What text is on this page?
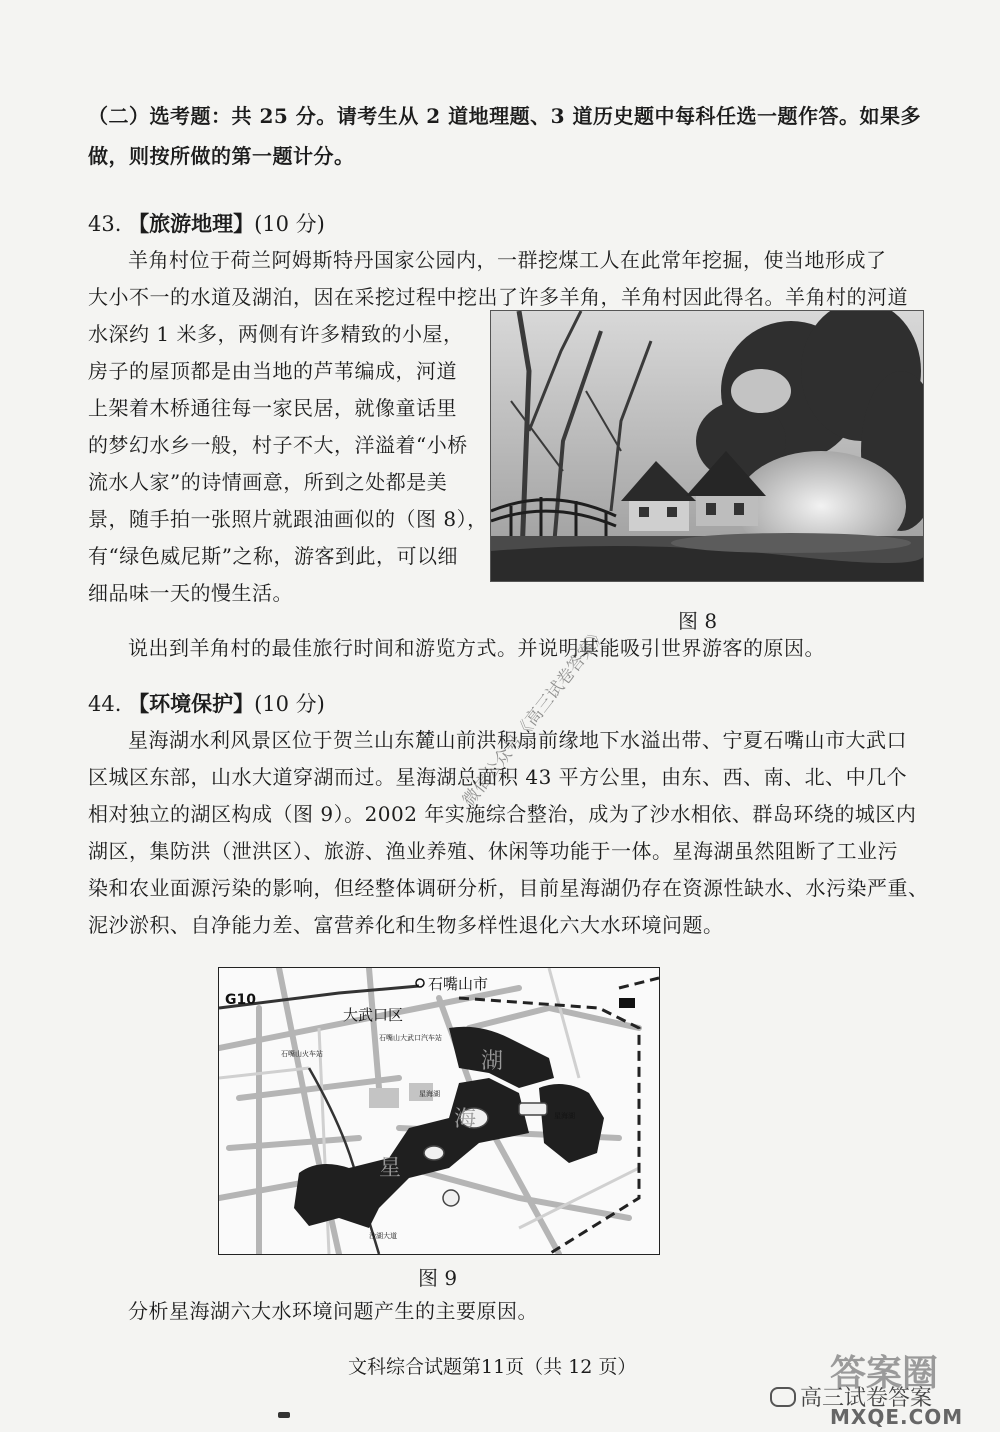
（二）选考题：共 25 分。请考生从 2 道地理题、3 道历史题中每科任选一题作答。如果多
做，则按所做的第一题计分。
43. 【旅游地理】(10 分)
羊角村位于荷兰阿姆斯特丹国家公园内，一群挖煤工人在此常年挖掘，使当地形成了
大小不一的水道及湖泊，因在采挖过程中挖出了许多羊角，羊角村因此得名。羊角村的河道
水深约 1 米多，两侧有许多精致的小屋，
房子的屋顶都是由当地的芦苇编成，河道
上架着木桥通往每一家民居，就像童话里
的梦幻水乡一般，村子不大，洋溢着“小桥
流水人家”的诗情画意，所到之处都是美
景，随手拍一张照片就跟油画似的（图 8），
有“绿色威尼斯”之称，游客到此，可以细
细品味一天的慢生活。
图 8
说出到羊角村的最佳旅行时间和游览方式。并说明其能吸引世界游客的原因。
44. 【环境保护】(10 分)
星海湖水利风景区位于贺兰山东麓山前洪积扇前缘地下水溢出带、宁夏石嘴山市大武口
区城区东部，山水大道穿湖而过。星海湖总面积 43 平方公里，由东、西、南、北、中几个
相对独立的湖区构成（图 9）。2002 年实施综合整治，成为了沙水相依、群岛环绕的城区内
湖区，集防洪（泄洪区）、旅游、渔业养殖、休闲等功能于一体。星海湖虽然阻断了工业污
染和农业面源污染的影响，但经整体调研分析，目前星海湖仍存在资源性缺水、水污染严重、
泥沙淤积、自净能力差、富营养化和生物多样性退化六大水环境问题。
湖
海
星
石嘴山市
G10
大武口区
石嘴山大武口汽车站
石嘴山火车站
沙湖大道
星海湖
星海湖
图 9
分析星海湖六大水环境问题产生的主要原因。
文科综合试题第11页（共 12 页）
微信公众号《高三试卷答案》
答案圈
高三试卷答案
MXQE.COM
